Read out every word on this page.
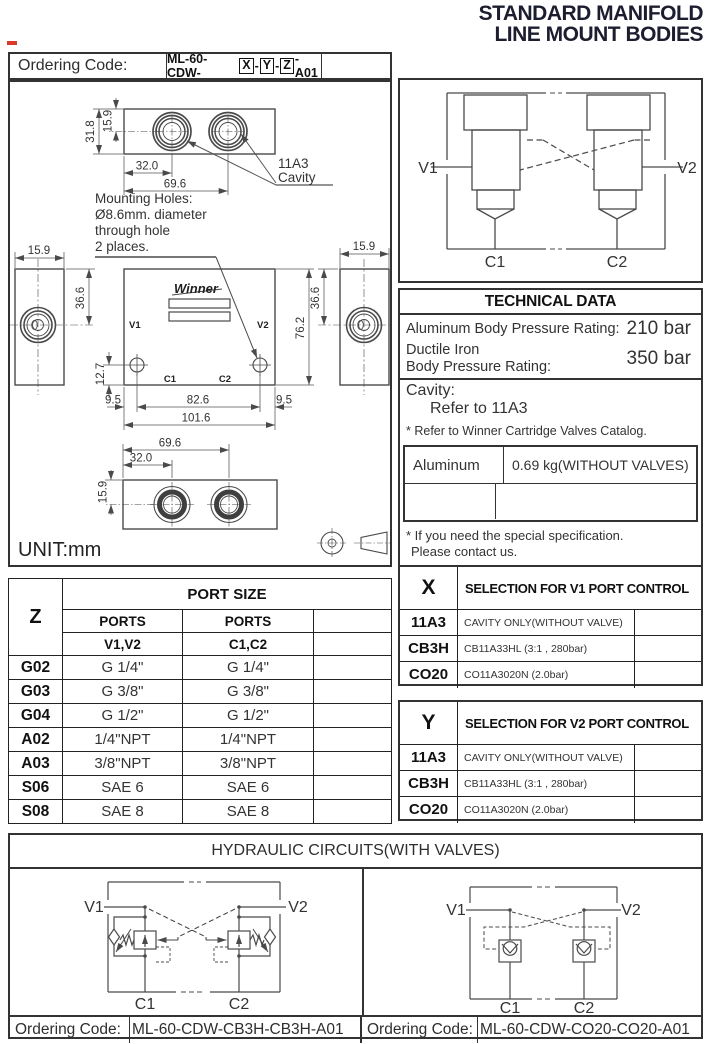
STANDARD MANIFOLD
LINE MOUNT BODIES
Ordering Code:	ML-60-CDW-
X - Y - Z -A01
31.8 15.9
32.0
69.6
11A3
Cavity
Mounting Holes:
Ø8.6mm. diameter
through hole
2 places.
Winner
V1	V2
C1	C2
15.9	15.9
36.6	36.6
76.2
12.7
9.5	82.6	9.5
101.6
69.6
32.0
15.9
UNIT:mm
V1	V2
C1	C2
TECHNICAL DATA
Aluminum Body Pressure Rating: 210 bar
Ductile Iron
Body Pressure Rating:	350 bar
Cavity:
Refer to 11A3
* Refer to Winner Cartridge Valves Catalog.
Aluminum	0.69 kg(WITHOUT VALVES)
* If you need the special specification.
Please contact us.
Z	PORT SIZE		
	PORTS	PORTS	
	V1,V2	C1,C2	
G02	G 1/4"	G 1/4"	
G03	G 3/8"	G 3/8"	
G04	G 1/2"	G 1/2"	
A02	1/4"NPT	1/4"NPT	
A03	3/8"NPT	3/8"NPT	
S06	SAE 6	SAE 6	
S08	SAE 8	SAE 8	
X	SELECTION FOR V1 PORT CONTROL
11A3	CAVITY ONLY(WITHOUT VALVE)
CB3H	CB11A33HL (3:1 , 280bar)
CO20	CO11A3020N (2.0bar)
Y	SELECTION FOR V2 PORT CONTROL
11A3	CAVITY ONLY(WITHOUT VALVE)
CB3H	CB11A33HL (3:1 , 280bar)
CO20	CO11A3020N (2.0bar)
HYDRAULIC CIRCUITS(WITH VALVES)
V1	V2
C1	C2
V1	V2
C1	C2
Ordering Code: ML-60-CDW-CB3H-CB3H-A01	Ordering Code: ML-60-CDW-CO20-CO20-A01
